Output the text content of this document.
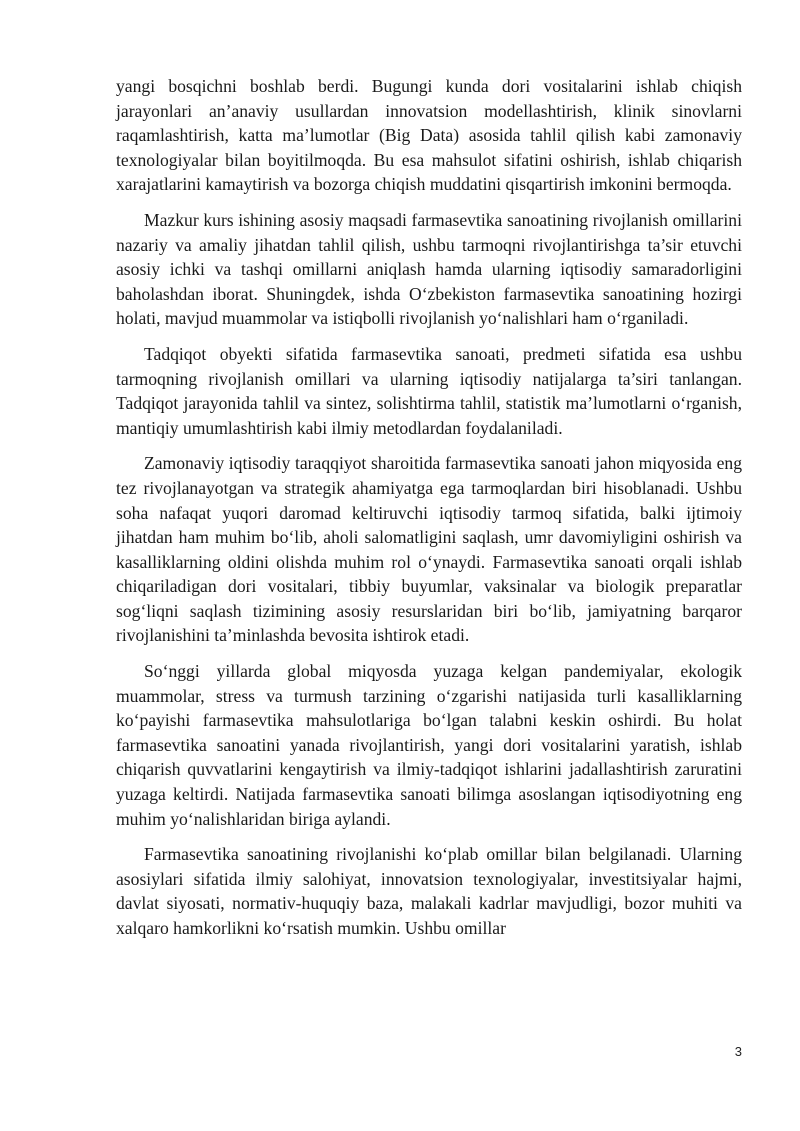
yangi bosqichni boshlab berdi. Bugungi kunda dori vositalarini ishlab chiqish jarayonlari an’anaviy usullardan innovatsion modellashtirish, klinik sinovlarni raqamlashtirish, katta ma’lumotlar (Big Data) asosida tahlil qilish kabi zamonaviy texnologiyalar bilan boyitilmoqda. Bu esa mahsulot sifatini oshirish, ishlab chiqarish xarajatlarini kamaytirish va bozorga chiqish muddatini qisqartirish imkonini bermoqda.

Mazkur kurs ishining asosiy maqsadi farmasevtika sanoatining rivojlanish omillarini nazariy va amaliy jihatdan tahlil qilish, ushbu tarmoqni rivojlantirishga ta’sir etuvchi asosiy ichki va tashqi omillarni aniqlash hamda ularning iqtisodiy samaradorligini baholashdan iborat. Shuningdek, ishda O‘zbekiston farmasevtika sanoatining hozirgi holati, mavjud muammolar va istiqbolli rivojlanish yo‘nalishlari ham o‘rganiladi.

Tadqiqot obyekti sifatida farmasevtika sanoati, predmeti sifatida esa ushbu tarmoqning rivojlanish omillari va ularning iqtisodiy natijalarga ta’siri tanlangan. Tadqiqot jarayonida tahlil va sintez, solishtirma tahlil, statistik ma’lumotlarni o‘rganish, mantiqiy umumlashtirish kabi ilmiy metodlardan foydalaniladi.

Zamonaviy iqtisodiy taraqqiyot sharoitida farmasevtika sanoati jahon miqyosida eng tez rivojlanayotgan va strategik ahamiyatga ega tarmoqlardan biri hisoblanadi. Ushbu soha nafaqat yuqori daromad keltiruvchi iqtisodiy tarmoq sifatida, balki ijtimoiy jihatdan ham muhim bo‘lib, aholi salomatligini saqlash, umr davomiyligini oshirish va kasalliklarning oldini olishda muhim rol o‘ynaydi. Farmasevtika sanoati orqali ishlab chiqariladigan dori vositalari, tibbiy buyumlar, vaksinalar va biologik preparatlar sog‘liqni saqlash tizimining asosiy resurslaridan biri bo‘lib, jamiyatning barqaror rivojlanishini ta’minlashda bevosita ishtirok etadi.

So‘nggi yillarda global miqyosda yuzaga kelgan pandemiyalar, ekologik muammolar, stress va turmush tarzining o‘zgarishi natijasida turli kasalliklarning ko‘payishi farmasevtika mahsulotlariga bo‘lgan talabni keskin oshirdi. Bu holat farmasevtika sanoatini yanada rivojlantirish, yangi dori vositalarini yaratish, ishlab chiqarish quvvatlarini kengaytirish va ilmiy-tadqiqot ishlarini jadallashtirish zaruratini yuzaga keltirdi. Natijada farmasevtika sanoati bilimga asoslangan iqtisodiyotning eng muhim yo‘nalishlaridan biriga aylandi.

Farmasevtika sanoatining rivojlanishi ko‘plab omillar bilan belgilanadi. Ularning asosiylari sifatida ilmiy salohiyat, innovatsion texnologiyalar, investitsiyalar hajmi, davlat siyosati, normativ-huquqiy baza, malakali kadrlar mavjudligi, bozor muhiti va xalqaro hamkorlikni ko‘rsatish mumkin. Ushbu omillar

3
